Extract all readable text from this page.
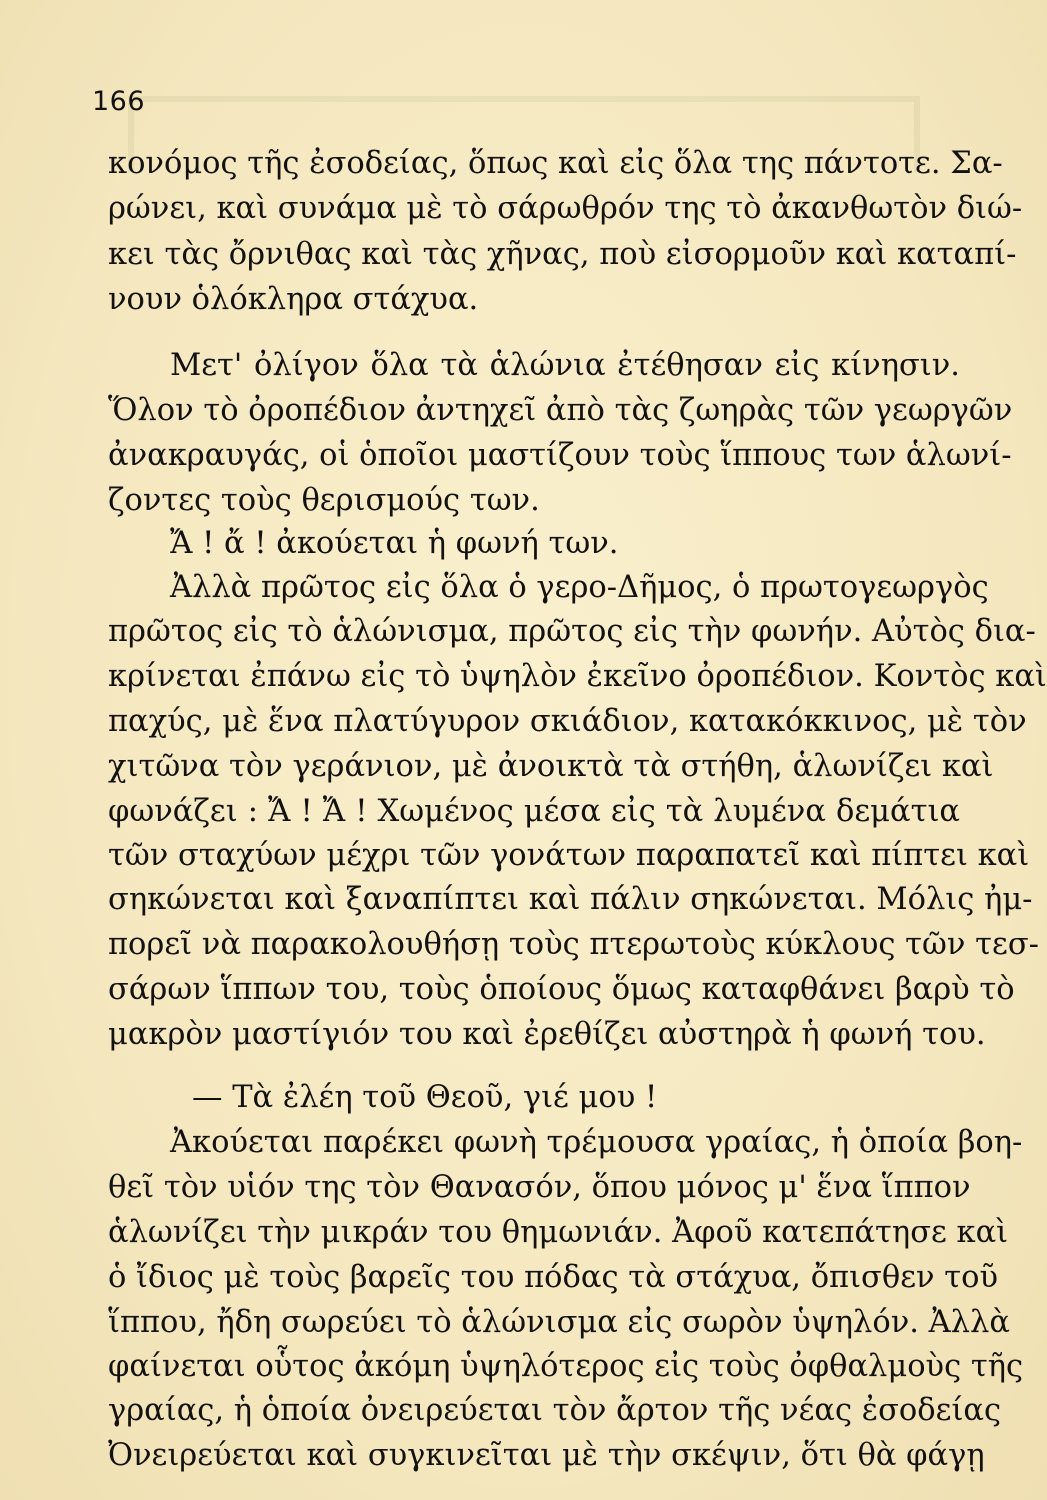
166
κονόμος τῆς ἐσοδείας, ὅπως καὶ εἰς ὅλα της πάντοτε. Σα-
ρώνει, καὶ συνάμα μὲ τὸ σάρωθρόν της τὸ ἀκανθωτὸν διώ-
κει τὰς ὄρνιθας καὶ τὰς χῆνας, ποὺ εἰσορμοῦν καὶ καταπί-
νουν ὁλόκληρα στάχυα.
Μετ' ὀλίγον ὅλα τὰ ἁλώνια ἐτέθησαν εἰς κίνησιν.
Ὅλον τὸ ὀροπέδιον ἀντηχεῖ ἀπὸ τὰς ζωηρὰς τῶν γεωργῶν
ἀνακραυγάς, οἱ ὁποῖοι μαστίζουν τοὺς ἵππους των ἁλωνί-
ζοντες τοὺς θερισμούς των.
Ἄ ! ἄ ! ἀκούεται ἡ φωνή των.
Ἀλλὰ πρῶτος εἰς ὅλα ὁ γερο-Δῆμος, ὁ πρωτογεωργὸς
πρῶτος εἰς τὸ ἁλώνισμα, πρῶτος εἰς τὴν φωνήν. Αὐτὸς δια-
κρίνεται ἐπάνω εἰς τὸ ὑψηλὸν ἐκεῖνο ὀροπέδιον. Κοντὸς καὶ
παχύς, μὲ ἕνα πλατύγυρον σκιάδιον, κατακόκκινος, μὲ τὸν
χιτῶνα τὸν γεράνιον, μὲ ἀνοικτὰ τὰ στήθη, ἁλωνίζει καὶ
φωνάζει : Ἄ ! Ἄ ! Χωμένος μέσα εἰς τὰ λυμένα δεμάτια
τῶν σταχύων μέχρι τῶν γονάτων παραπατεῖ καὶ πίπτει καὶ
σηκώνεται καὶ ξαναπίπτει καὶ πάλιν σηκώνεται. Μόλις ἠμ-
πορεῖ νὰ παρακολουθήσῃ τοὺς πτερωτοὺς κύκλους τῶν τεσ-
σάρων ἵππων του, τοὺς ὁποίους ὅμως καταφθάνει βαρὺ τὸ
μακρὸν μαστίγιόν του καὶ ἐρεθίζει αὐστηρὰ ἡ φωνή του.
— Τὰ ἐλέη τοῦ Θεοῦ, γιέ μου !
Ἀκούεται παρέκει φωνὴ τρέμουσα γραίας, ἡ ὁποία βοη-
θεῖ τὸν υἱόν της τὸν Θανασόν, ὅπου μόνος μ' ἕνα ἵππον
ἁλωνίζει τὴν μικράν του θημωνιάν. Ἀφοῦ κατεπάτησε καὶ
ὁ ἴδιος μὲ τοὺς βαρεῖς του πόδας τὰ στάχυα, ὄπισθεν τοῦ
ἵππου, ἤδη σωρεύει τὸ ἁλώνισμα εἰς σωρὸν ὑψηλόν. Ἀλλὰ
φαίνεται οὗτος ἀκόμη ὑψηλότερος εἰς τοὺς ὀφθαλμοὺς τῆς
γραίας, ἡ ὁποία ὀνειρεύεται τὸν ἄρτον τῆς νέας ἐσοδείας
Ὀνειρεύεται καὶ συγκινεῖται μὲ τὴν σκέψιν, ὅτι θὰ φάγῃ
